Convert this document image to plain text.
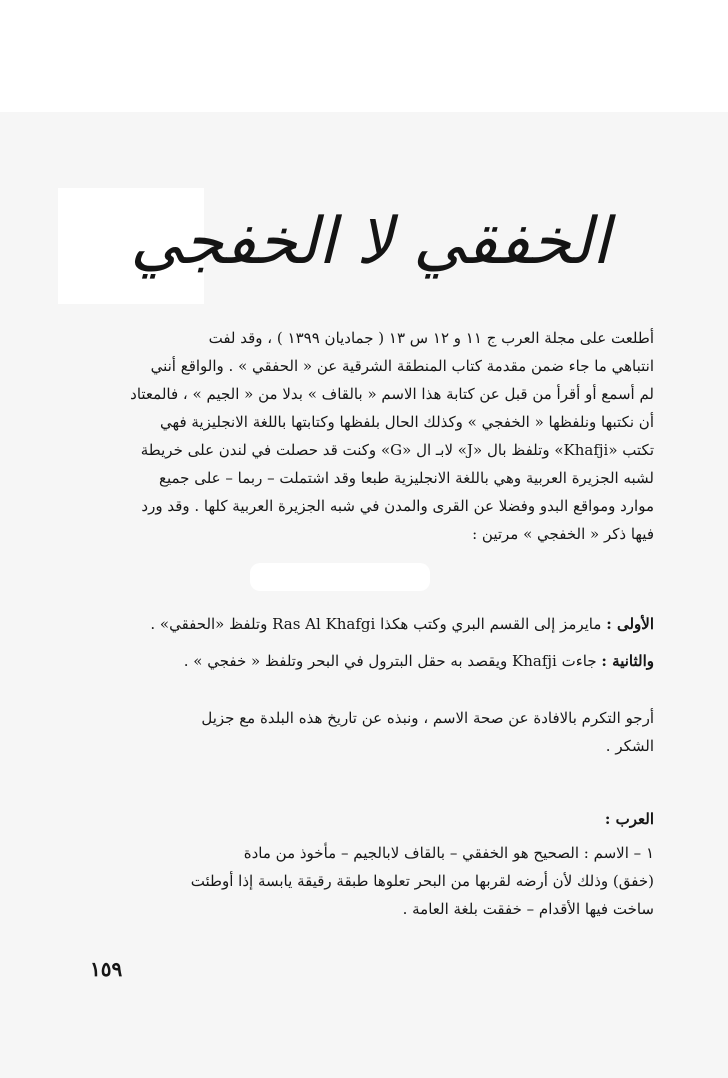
الخفقي لا الخفجي
أطلعت على مجلة العرب ج ١١ و ١٢ س ١٣ ( جماديان ١٣٩٩ ) ، وقد لفت
انتباهي ما جاء ضمن مقدمة كتاب المنطقة الشرقية عن « الحفقي » . والواقع أنني
لم أسمع أو أقرأ من قبل عن كتابة هذا الاسم « بالقاف » بدلا من « الجيم » ، فالمعتاد
أن نكتبها ونلفظها « الخفجي » وكذلك الحال بلفظها وكتابتها باللغة الانجليزية فهي
تكتب «Khafji» وتلفظ بال «J» لابـ ال «G» وكنت قد حصلت في لندن على خريطة
لشبه الجزيرة العربية وهي باللغة الانجليزية طبعا وقد اشتملت – ربما – على جميع
موارد ومواقع البدو وفضلا عن القرى والمدن في شبه الجزيرة العربية كلها . وقد ورد
فيها ذكر « الخفجي » مرتين :
الأولى : مايرمز إلى القسم البري وكتب هكذا Ras Al Khafgi وتلفظ «الحفقي» .
والثانية : جاءت Khafji ويقصد به حقل البترول في البحر وتلفظ « خفجي » .
أرجو التكرم بالافادة عن صحة الاسم ، ونبذه عن تاريخ هذه البلدة مع جزيل
الشكر .
العرب :
١ – الاسم : الصحيح هو الخفقي – بالقاف لابالجيم – مأخوذ من مادة
(خفق) وذلك لأن أرضه لقربها من البحر تعلوها طبقة رقيقة يابسة إذا أوطئت
ساخت فيها الأقدام – خفقت بلغة العامة .
١٥٩
